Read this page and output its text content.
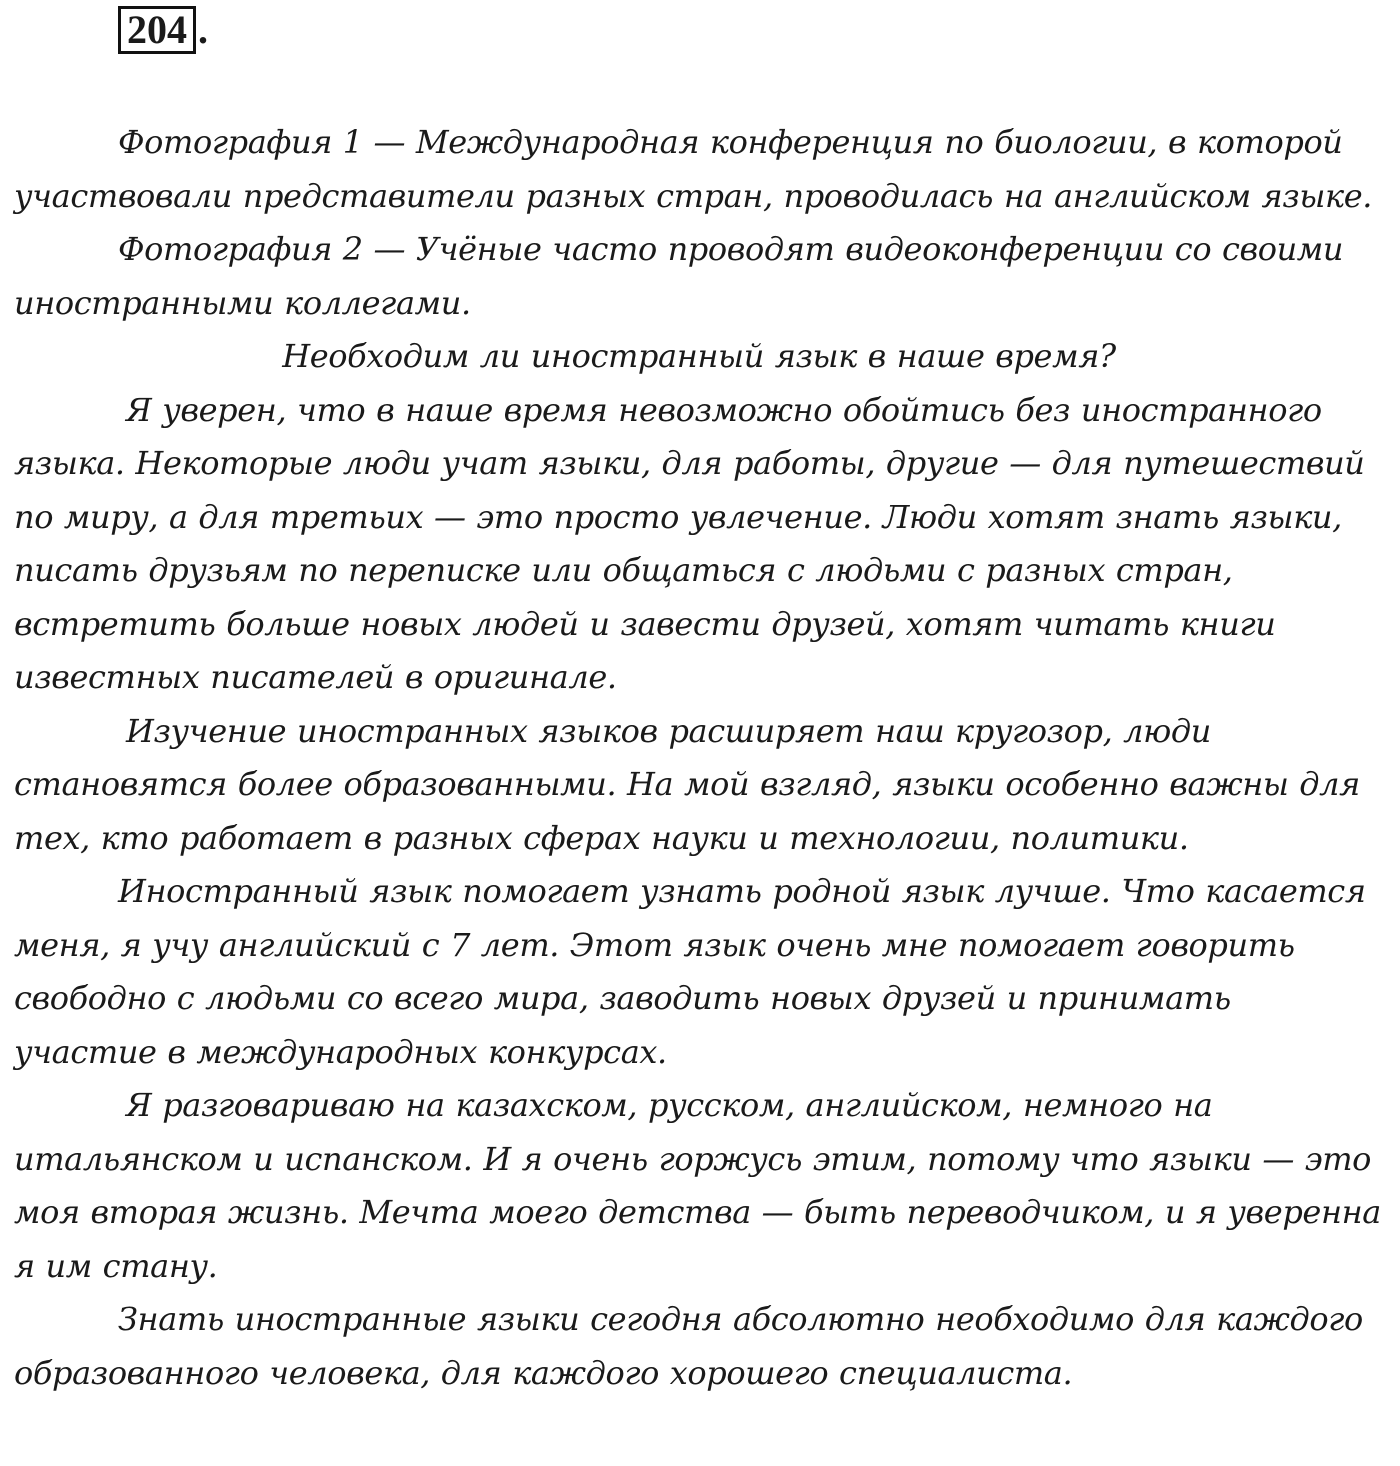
204 .

Фотография 1 — Международная конференция по биологии, в которой участвовали представители разных стран, проводилась на английском языке.

Фотография 2 — Учёные часто проводят видеоконференции со своими иностранными коллегами.

Необходим ли иностранный язык в наше время?

Я уверен, что в наше время невозможно обойтись без иностранного языка. Некоторые люди учат языки, для работы, другие — для путешествий по миру, а для третьих — это просто увлечение. Люди хотят знать языки, писать друзьям по переписке или общаться с людьми с разных стран, встретить больше новых людей и завести друзей, хотят читать книги известных писателей в оригинале.

Изучение иностранных языков расширяет наш кругозор, люди становятся более образованными. На мой взгляд, языки особенно важны для тех, кто работает в разных сферах науки и технологии, политики.

Иностранный язык помогает узнать родной язык лучше. Что касается меня, я учу английский с 7 лет. Этот язык очень мне помогает говорить свободно с людьми со всего мира, заводить новых друзей и принимать участие в международных конкурсах.

Я разговариваю на казахском, русском, английском, немного на итальянском и испанском. И я очень горжусь этим, потому что языки — это моя вторая жизнь. Мечта моего детства — быть переводчиком, и я уверенна я им стану.

Знать иностранные языки сегодня абсолютно необходимо для каждого образованного человека, для каждого хорошего специалиста.
